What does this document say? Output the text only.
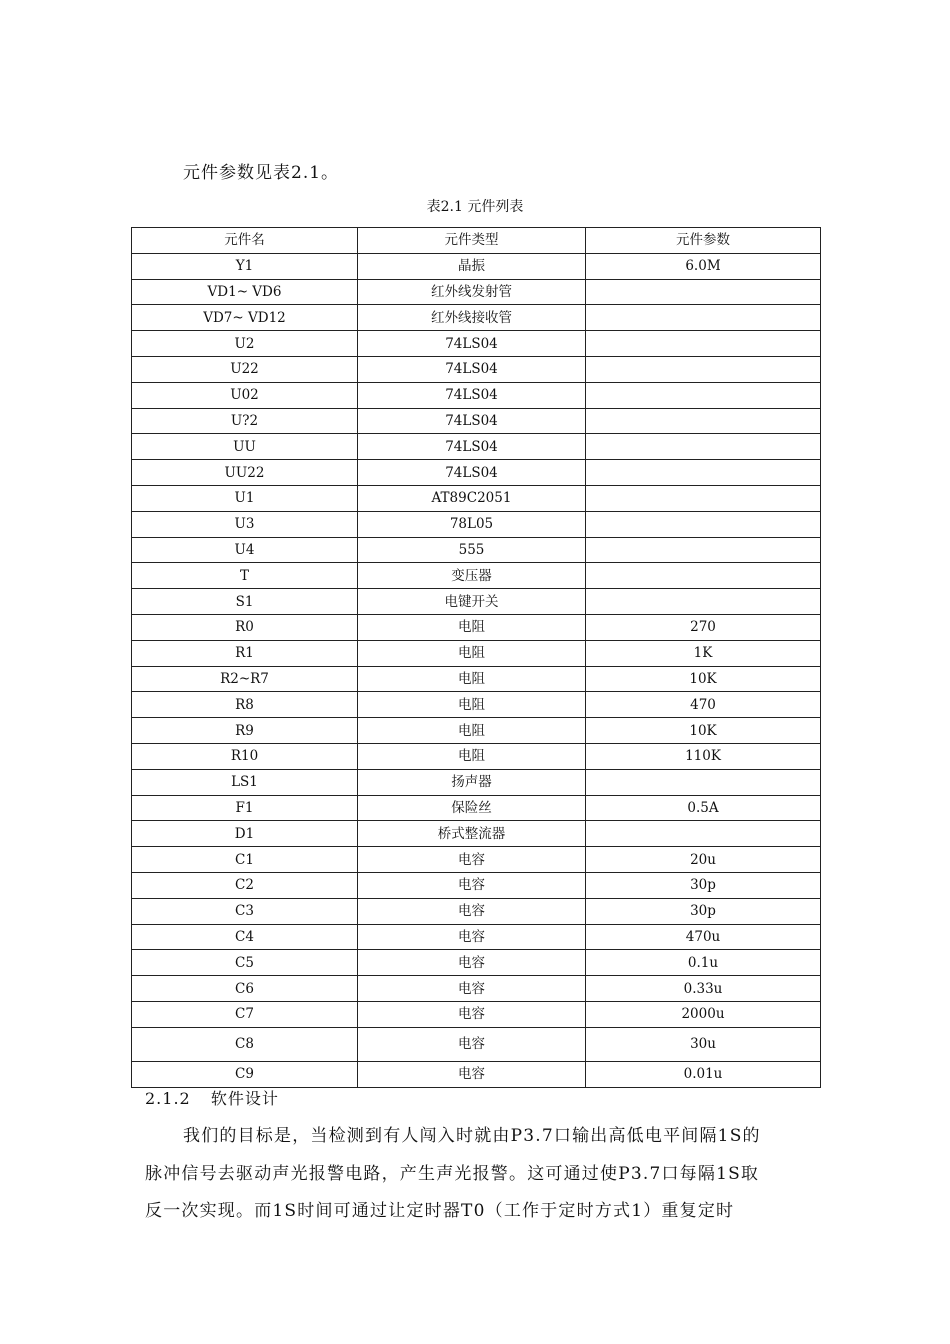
元件参数见表2.1。
表2.1 元件列表
元件名	元件类型	元件参数
Y1	晶振	6.0M
VD1~ VD6	红外线发射管	
VD7~ VD12	红外线接收管	
U2	74LS04	
U22	74LS04	
U02	74LS04	
U?2	74LS04	
UU	74LS04	
UU22	74LS04	
U1	AT89C2051	
U3	78L05	
U4	555	
T	变压器	
S1	电键开关	
R0	电阻	270
R1	电阻	1K
R2~R7	电阻	10K
R8	电阻	470
R9	电阻	10K
R10	电阻	110K
LS1	扬声器	
F1	保险丝	0.5A
D1	桥式整流器	
C1	电容	20u
C2	电容	30p
C3	电容	30p
C4	电容	470u
C5	电容	0.1u
C6	电容	0.33u
C7	电容	2000u
C8	电容	30u
C9	电容	0.01u
2.1.2 软件设计

我们的目标是，当检测到有人闯入时就由P3.7口输出高低电平间隔1S的

脉冲信号去驱动声光报警电路，产生声光报警。这可通过使P3.7口每隔1S取

反一次实现。而1S时间可通过让定时器T0（工作于定时方式1）重复定时
